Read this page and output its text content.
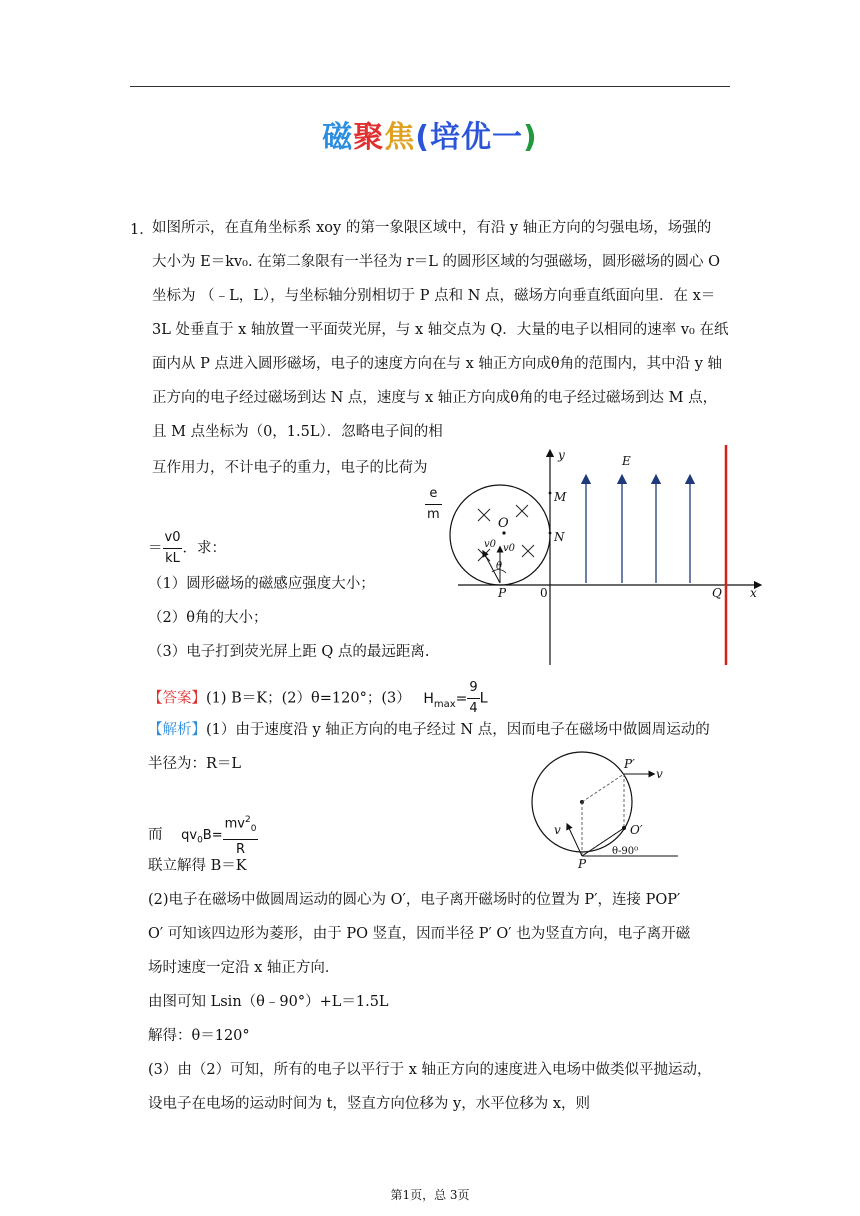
磁聚焦(培优一)
1．
如图所示，在直角坐标系 xoy 的第一象限区域中，有沿 y 轴正方向的匀强电场，场强的
大小为 E＝kv₀. 在第二象限有一半径为 r＝L 的圆形区域的匀强磁场，圆形磁场的圆心 O
坐标为 （﹣L，L），与坐标轴分别相切于 P 点和 N 点，磁场方向垂直纸面向里．在 x＝
3L 处垂直于 x 轴放置一平面荧光屏，与 x 轴交点为 Q．大量的电子以相同的速率 v₀ 在纸
面内从 P 点进入圆形磁场，电子的速度方向在与 x 轴正方向成θ角的范围内，其中沿 y 轴
正方向的电子经过磁场到达 N 点，速度与 x 轴正方向成θ角的电子经过磁场到达 M 点，
且 M 点坐标为（0，1.5L）．忽略电子间的相
互作用力，不计电子的重力，电子的比荷为
$\frac{e}{m}$
＝ $\frac{v0}{kL}$ ．求：
（1）圆形磁场的磁感应强度大小；
（2）θ角的大小；
（3）电子打到荧光屏上距 Q 点的最远距离.
【答案】(1) B＝K；(2）θ=120°；(3） $H_{max}= \frac{9}{4}$ L
【解析】(1）由于速度沿 y 轴正方向的电子经过 N 点，因而电子在磁场中做圆周运动的
半径为：R＝L
而 $qv_0B= \frac{mv^2_0}{R}$
联立解得 B＝K
(2)电子在磁场中做圆周运动的圆心为 O′，电子离开磁场时的位置为 P′，连接 POP′
O′ 可知该四边形为菱形，由于 PO 竖直，因而半径 P′ O′ 也为竖直方向，电子离开磁
场时速度一定沿 x 轴正方向．
由图可知 Lsin（θ﹣90°）+L＝1.5L
解得：θ＝120°
(3）由（2）可知，所有的电子以平行于 x 轴正方向的速度进入电场中做类似平抛运动，
设电子在电场的运动时间为 t，竖直方向位移为 y，水平位移为 x，则
y	E
M
N
O
v0 v0
θ
P	0	Q x
P′
v
v	O′
P
θ-90⁰
第1页，总 3页
